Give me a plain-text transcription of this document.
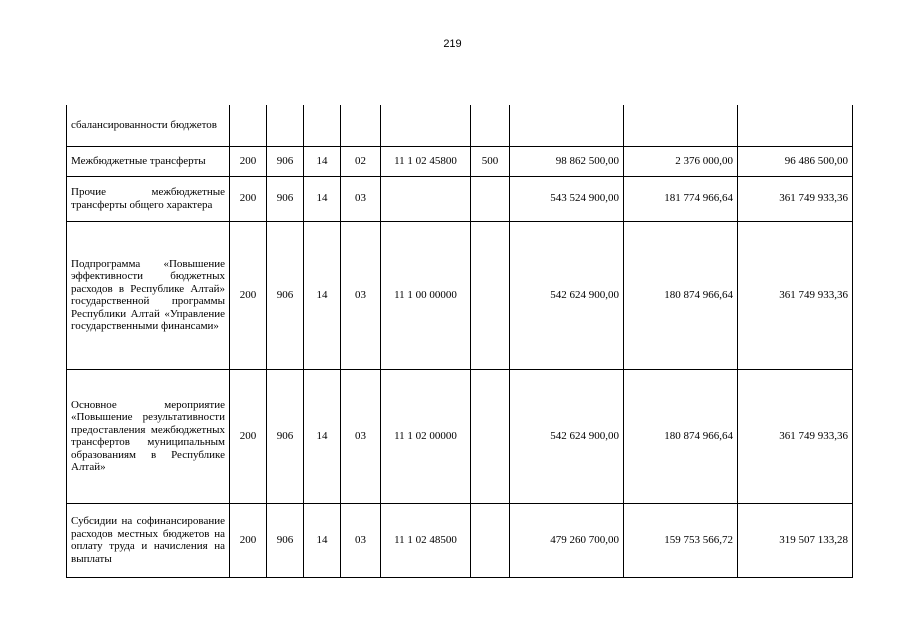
219
сбалансированности бюджетов									
Межбюджетные трансферты	200	906	14	02	11 1 02 45800	500	98 862 500,00	2 376 000,00	96 486 500,00
Прочие межбюджетные трансферты общего характера	200	906	14	03			543 524 900,00	181 774 966,64	361 749 933,36
Подпрограмма «Повышение эффективности бюджетных расходов в Республике Алтай» государственной программы Республики Алтай «Управление государственными финансами»	200	906	14	03	11 1 00 00000		542 624 900,00	180 874 966,64	361 749 933,36
Основное мероприятие «Повышение результативности предоставления межбюджетных трансфертов муниципальным образованиям в Республике Алтай»	200	906	14	03	11 1 02 00000		542 624 900,00	180 874 966,64	361 749 933,36
Субсидии на софинансирование расходов местных бюджетов на оплату труда и начисления на выплаты	200	906	14	03	11 1 02 48500		479 260 700,00	159 753 566,72	319 507 133,28
